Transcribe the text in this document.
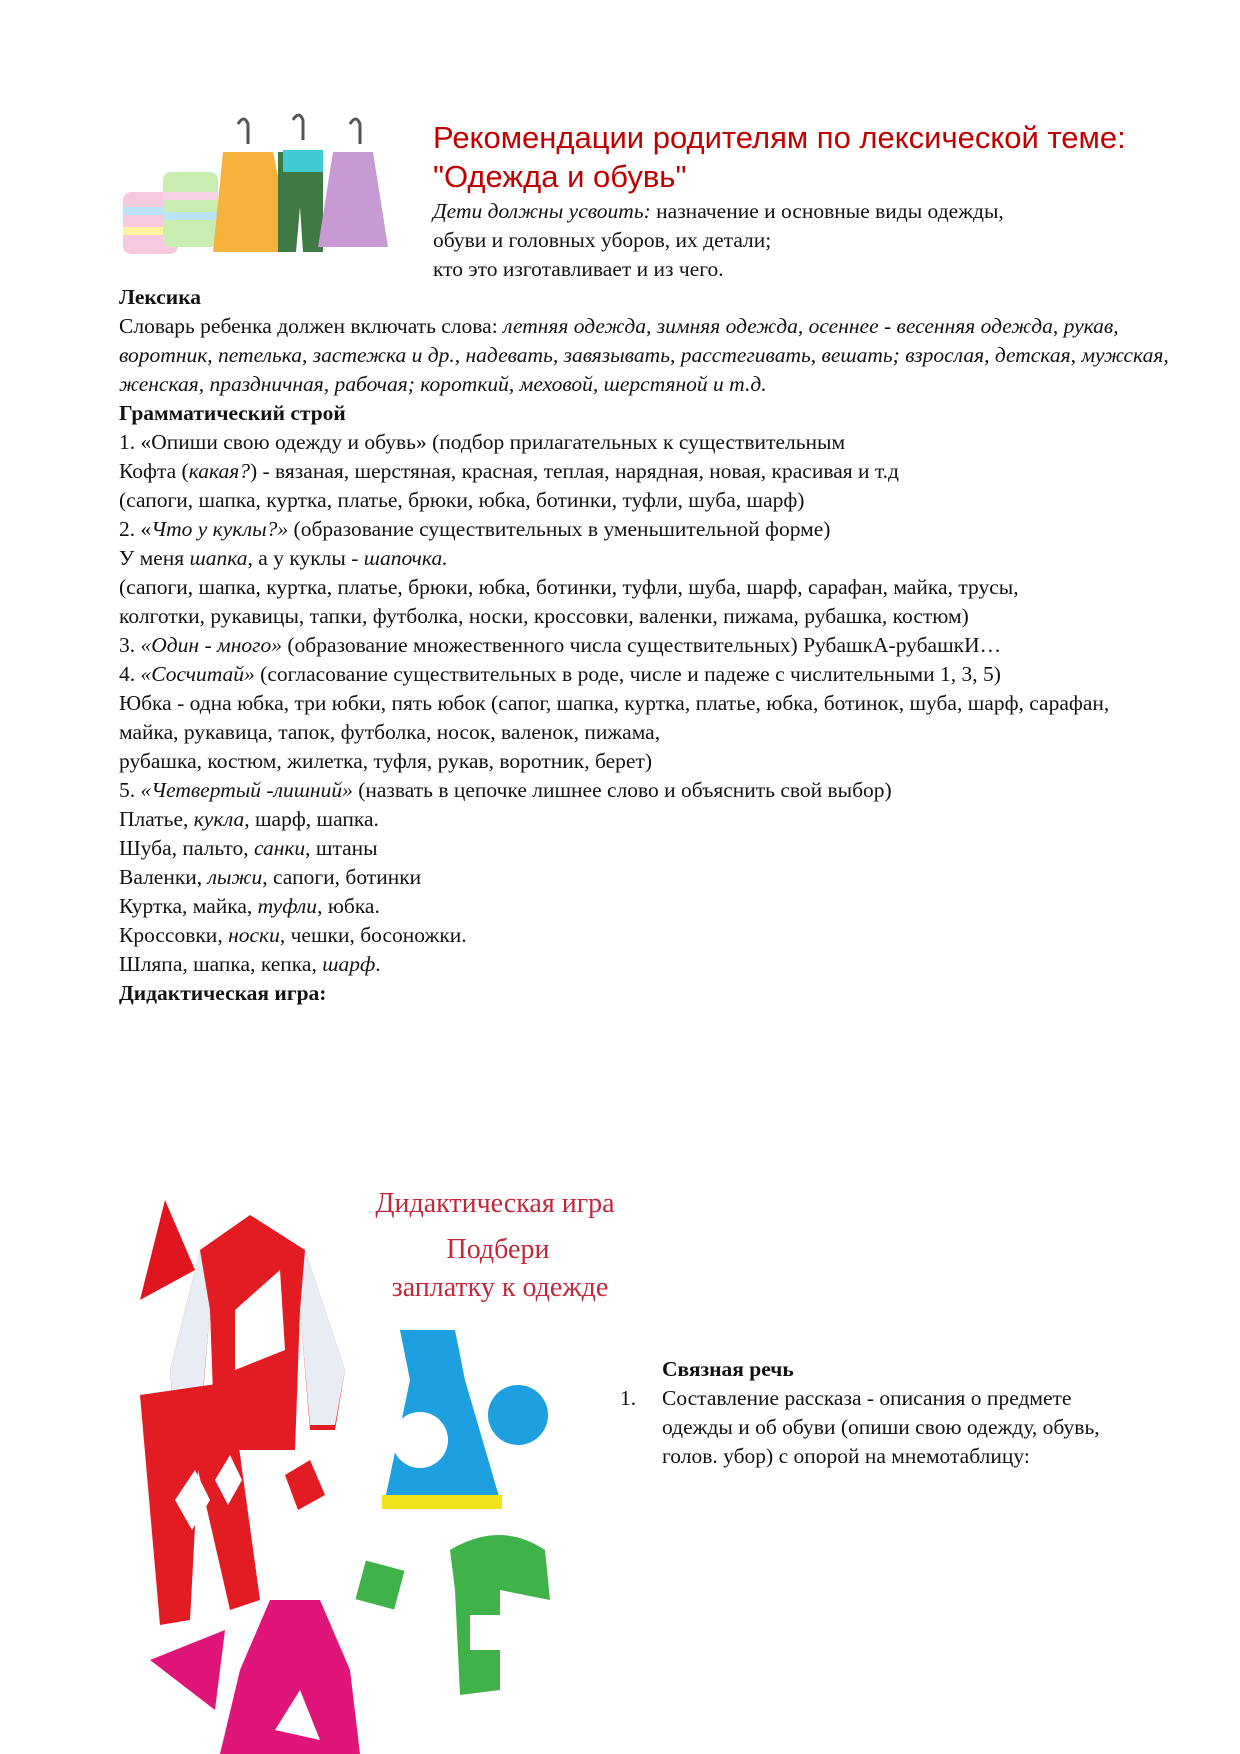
Рекомендации родителям по лексической теме: "Одежда и обувь"
Дети должны усвоить: назначение и основные виды одежды,
обуви и головных уборов, их детали;
кто это изготавливает и из чего.

Лексика

Словарь ребенка должен включать слова: летняя одежда, зимняя одежда, осеннее - весенняя одежда, рукав, воротник, петелька, застежка и др., надевать, завязывать, расстегивать, вешать; взрослая, детская, мужская, женская, праздничная, рабочая; короткий, меховой, шерстяной и т.д.

Грамматический строй

1. «Опиши свою одежду и обувь» (подбор прилагательных к существительным

Кофта (какая?) - вязаная, шерстяная, красная, теплая, нарядная, новая, красивая и т.д

(сапоги, шапка, куртка, платье, брюки, юбка, ботинки, туфли, шуба, шарф)

2. «Что у куклы?» (образование существительных в уменьшительной форме)

У меня шапка, а у куклы - шапочка.

(сапоги, шапка, куртка, платье, брюки, юбка, ботинки, туфли, шуба, шарф, сарафан, майка, трусы, колготки, рукавицы, тапки, футболка, носки, кроссовки, валенки, пижама, рубашка, костюм)

3. «Один - много» (образование множественного числа существительных) РубашкА-рубашкИ…

4. «Сосчитай» (согласование существительных в роде, числе и падеже с числительными 1, 3, 5)

Юбка - одна юбка, три юбки, пять юбок (сапог, шапка, куртка, платье, юбка, ботинок, шуба, шарф, сарафан, майка, рукавица, тапок, футболка, носок, валенок, пижама,

рубашка, костюм, жилетка, туфля, рукав, воротник, берет)

5. «Четвертый -лишний» (назвать в цепочке лишнее слово и объяснить свой выбор)

Платье, кукла, шарф, шапка.

Шуба, пальто, санки, штаны

Валенки, лыжи, сапоги, ботинки

Куртка, майка, туфли, юбка.

Кроссовки, носки, чешки, босоножки.

Шляпа, шапка, кепка, шарф.

Дидактическая игра:

Дидактическая игра
Подбери
заплатку к одежде
Связная речь
1. Составление рассказа - описания о предмете одежды и об обуви (опиши свою одежду, обувь, голов. убор) с опорой на мнемотаблицу:
